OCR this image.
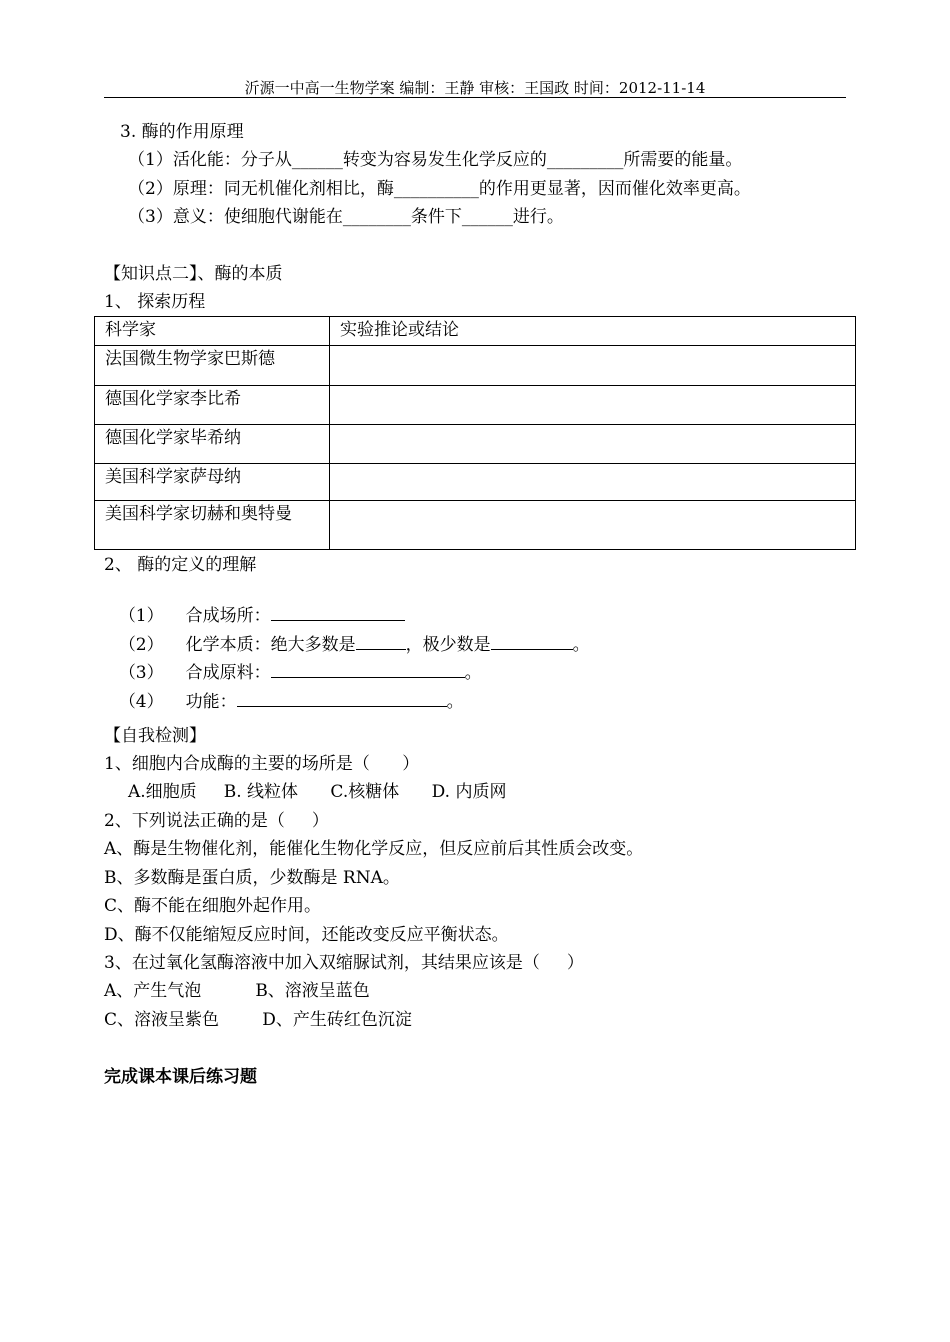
沂源一中高一生物学案 编制：王静 审核：王国政 时间：2012-11-14
3. 酶的作用原理
（1）活化能：分子从______转变为容易发生化学反应的_________所需要的能量。
（2）原理：同无机催化剂相比，酶__________的作用更显著，因而催化效率更高。
（3）意义：使细胞代谢能在________条件下______进行。
【知识点二】、酶的本质
1、 探索历程
科学家	实验推论或结论
法国微生物学家巴斯德	
德国化学家李比希	
德国化学家毕希纳	
美国科学家萨母纳	
美国科学家切赫和奥特曼	
2、 酶的定义的理解

（1） 合成场所：

（2） 化学本质：绝大多数是	，极少数是	。

（3） 合成原料：	。

（4） 功能：	。

【自我检测】
1、细胞内合成酶的主要的场所是（      ）
A.细胞质     B. 线粒体      C.核糖体      D. 内质网
2、下列说法正确的是（     ）
A、酶是生物催化剂，能催化生物化学反应，但反应前后其性质会改变。
B、多数酶是蛋白质，少数酶是 RNA。
C、酶不能在细胞外起作用。
D、酶不仅能缩短反应时间，还能改变反应平衡状态。
3、在过氧化氢酶溶液中加入双缩脲试剂，其结果应该是（     ）
A、产生气泡          B、溶液呈蓝色
C、溶液呈紫色        D、产生砖红色沉淀
完成课本课后练习题
